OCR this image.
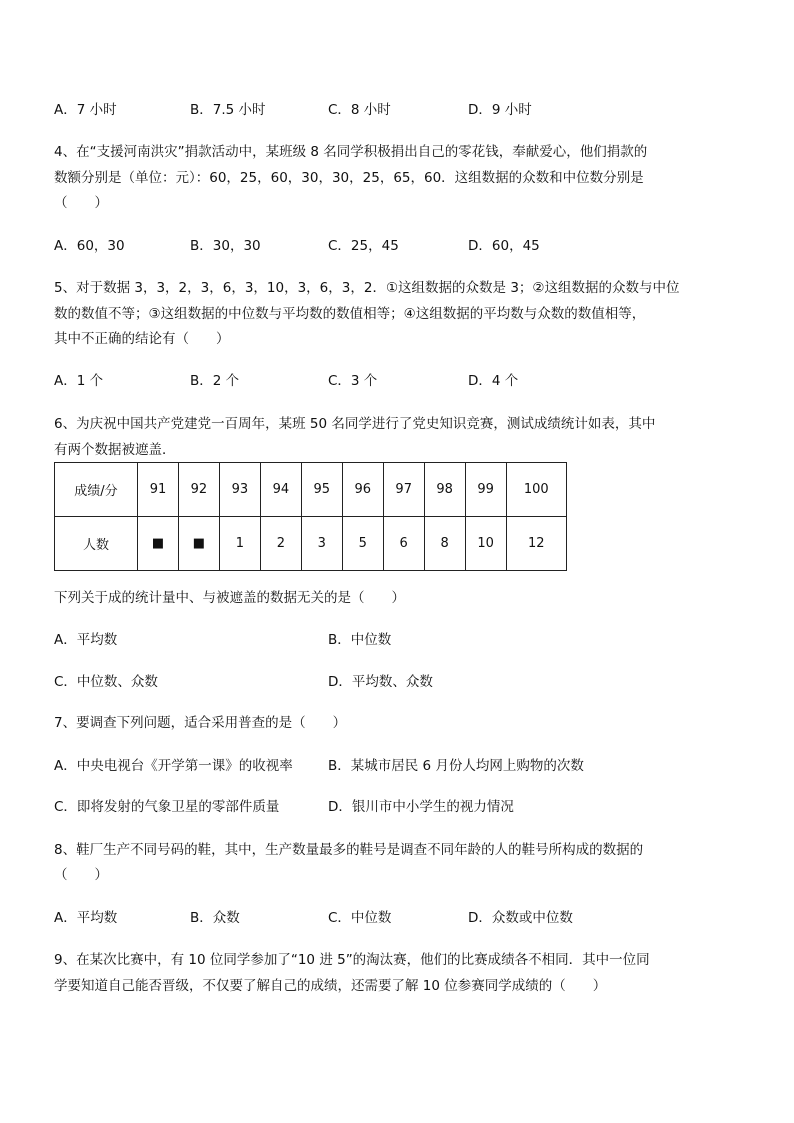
A．7 小时	B．7.5 小时	C．8 小时	D．9 小时
4、在“支援河南洪灾”捐款活动中，某班级 8 名同学积极捐出自己的零花钱，奉献爱心，他们捐款的
数额分别是（单位：元）：60，25，60，30，30，25，65，60．这组数据的众数和中位数分别是
（　　）
A．60，30	B．30，30	C．25，45	D．60，45
5、对于数据 3，3，2，3，6，3，10，3，6，3，2．①这组数据的众数是 3；②这组数据的众数与中位
数的数值不等；③这组数据的中位数与平均数的数值相等；④这组数据的平均数与众数的数值相等，
其中不正确的结论有（　　）
A．1 个	B．2 个	C．3 个	D．4 个
6、为庆祝中国共产党建党一百周年，某班 50 名同学进行了党史知识竞赛，测试成绩统计如表，其中
有两个数据被遮盖．
成绩/分	91	92	93	94	95	96	97	98	99	100
人数	■	■	1	2	3	5	6	8	10	12
下列关于成的统计量中、与被遮盖的数据无关的是（　　）
A．平均数	B．中位数
C．中位数、众数	D．平均数、众数
7、要调查下列问题，适合采用普查的是（　　）
A．中央电视台《开学第一课》的收视率	B．某城市居民 6 月份人均网上购物的次数
C．即将发射的气象卫星的零部件质量	D．银川市中小学生的视力情况
8、鞋厂生产不同号码的鞋，其中，生产数量最多的鞋号是调查不同年龄的人的鞋号所构成的数据的
（　　）
A．平均数	B．众数	C．中位数	D．众数或中位数
9、在某次比赛中，有 10 位同学参加了“10 进 5”的淘汰赛，他们的比赛成绩各不相同．其中一位同
学要知道自己能否晋级，不仅要了解自己的成绩，还需要了解 10 位参赛同学成绩的（　　）
